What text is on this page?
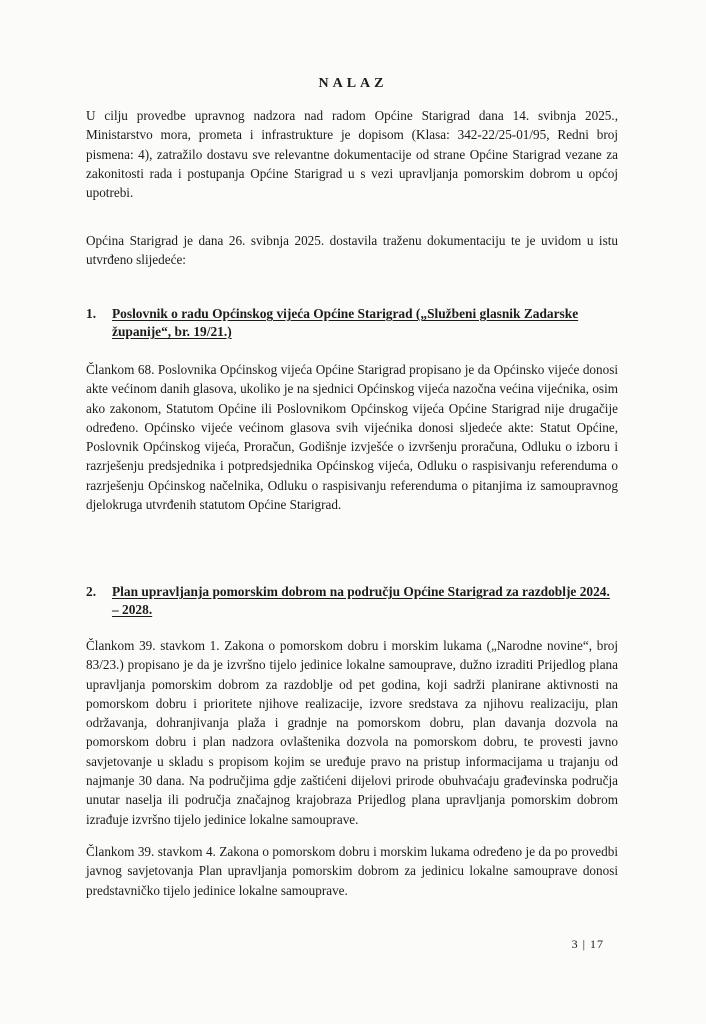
NALAZ

U cilju provedbe upravnog nadzora nad radom Općine Starigrad dana 14. svibnja 2025., Ministarstvo mora, prometa i infrastrukture je dopisom (Klasa: 342-22/25-01/95, Redni broj pismena: 4), zatražilo dostavu sve relevantne dokumentacije od strane Općine Starigrad vezane za zakonitosti rada i postupanja Općine Starigrad u s vezi upravljanja pomorskim dobrom u općoj upotrebi.

Općina Starigrad je dana 26. svibnja 2025. dostavila traženu dokumentaciju te je uvidom u istu utvrđeno slijedeće:

1. Poslovnik o radu Općinskog vijeća Općine Starigrad („Službeni glasnik Zadarske županije“, br. 19/21.)

Člankom 68. Poslovnika Općinskog vijeća Općine Starigrad propisano je da Općinsko vijeće donosi akte većinom danih glasova, ukoliko je na sjednici Općinskog vijeća nazočna većina vijećnika, osim ako zakonom, Statutom Općine ili Poslovnikom Općinskog vijeća Općine Starigrad nije drugačije određeno. Općinsko vijeće većinom glasova svih vijećnika donosi sljedeće akte: Statut Općine, Poslovnik Općinskog vijeća, Proračun, Godišnje izvješće o izvršenju proračuna, Odluku o izboru i razrješenju predsjednika i potpredsjednika Općinskog vijeća, Odluku o raspisivanju referenduma o razrješenju Općinskog načelnika, Odluku o raspisivanju referenduma o pitanjima iz samoupravnog djelokruga utvrđenih statutom Općine Starigrad.

2. Plan upravljanja pomorskim dobrom na području Općine Starigrad za razdoblje 2024. – 2028.

Člankom 39. stavkom 1. Zakona o pomorskom dobru i morskim lukama („Narodne novine“, broj 83/23.) propisano je da je izvršno tijelo jedinice lokalne samouprave, dužno izraditi Prijedlog plana upravljanja pomorskim dobrom za razdoblje od pet godina, koji sadrži planirane aktivnosti na pomorskom dobru i prioritete njihove realizacije, izvore sredstava za njihovu realizaciju, plan održavanja, dohranjivanja plaža i gradnje na pomorskom dobru, plan davanja dozvola na pomorskom dobru i plan nadzora ovlaštenika dozvola na pomorskom dobru, te provesti javno savjetovanje u skladu s propisom kojim se uređuje pravo na pristup informacijama u trajanju od najmanje 30 dana. Na područjima gdje zaštićeni dijelovi prirode obuhvaćaju građevinska područja unutar naselja ili područja značajnog krajobraza Prijedlog plana upravljanja pomorskim dobrom izrađuje izvršno tijelo jedinice lokalne samouprave.

Člankom 39. stavkom 4. Zakona o pomorskom dobru i morskim lukama određeno je da po provedbi javnog savjetovanja Plan upravljanja pomorskim dobrom za jedinicu lokalne samouprave donosi predstavničko tijelo jedinice lokalne samouprave.

3 | 17
